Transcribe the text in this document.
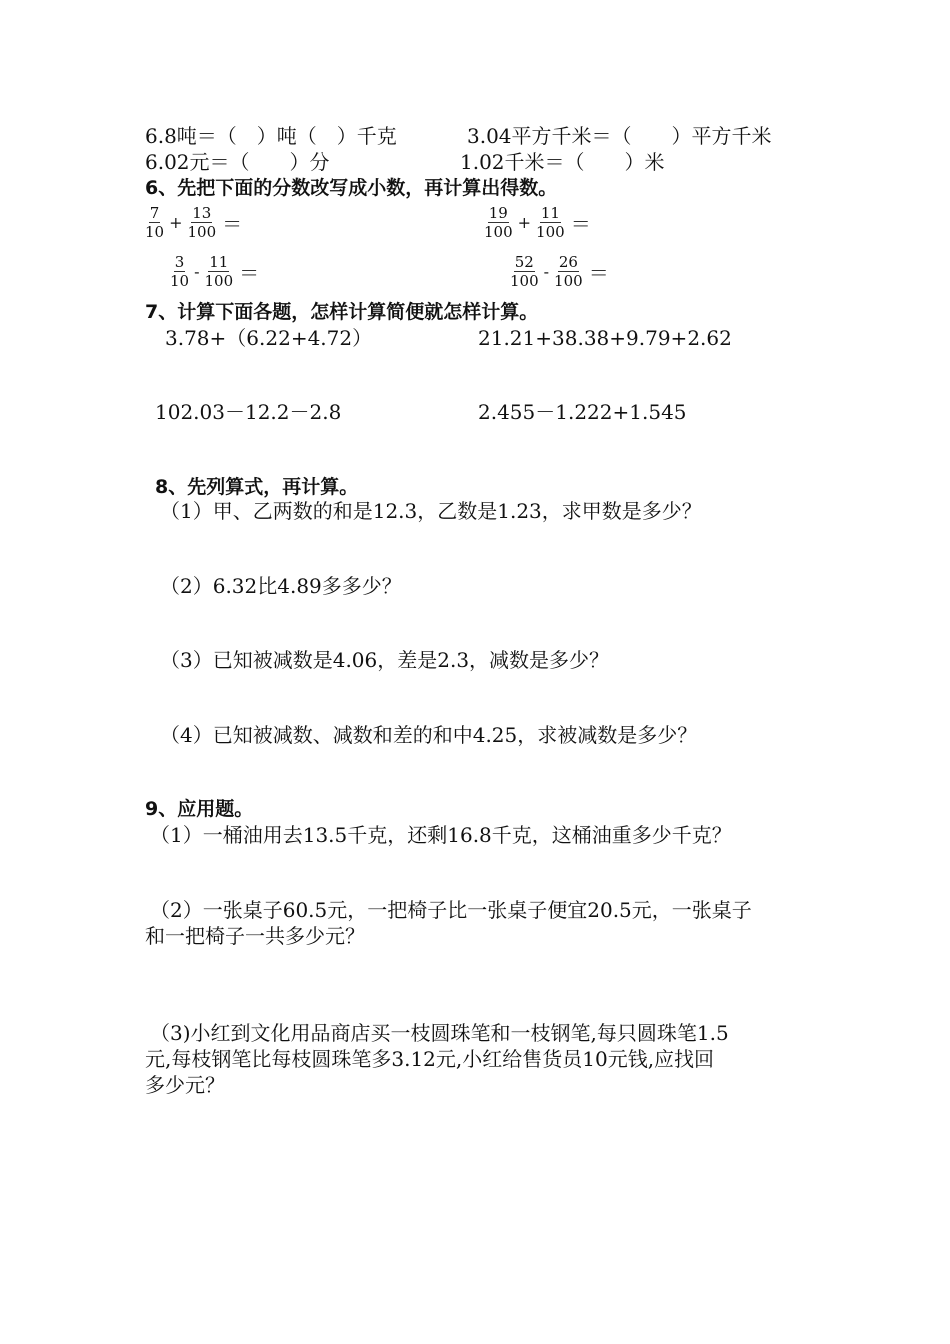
6.8吨＝（　）吨（　）千克	3.04平方千米＝（　　）平方千米
6.02元＝（　　）分	1.02千米＝（　　）米
6、先把下面的分数改写成小数，再计算出得数。
$\frac{7}{10} + \frac{13}{100}$ ＝	$\frac{19}{100} + \frac{11}{100}$ ＝
$\frac{3}{10} - \frac{11}{100}$ ＝	$\frac{52}{100} - \frac{26}{100}$ ＝
7、计算下面各题，怎样计算简便就怎样计算。
3.78+（6.22+4.72）	21.21+38.38+9.79+2.62
102.03－12.2－2.8	2.455－1.222+1.545
8、先列算式，再计算。
（1）甲、乙两数的和是12.3，乙数是1.23，求甲数是多少？
（2）6.32比4.89多多少？
（3）已知被减数是4.06，差是2.3，减数是多少？
（4）已知被减数、减数和差的和中4.25，求被减数是多少？
9、应用题。
（1）一桶油用去13.5千克，还剩16.8千克，这桶油重多少千克？
（2）一张桌子60.5元，一把椅子比一张桌子便宜20.5元，一张桌子
和一把椅子一共多少元？
（3)小红到文化用品商店买一枝圆珠笔和一枝钢笔,每只圆珠笔1.5
元,每枝钢笔比每枝圆珠笔多3.12元,小红给售货员10元钱,应找回
多少元？
